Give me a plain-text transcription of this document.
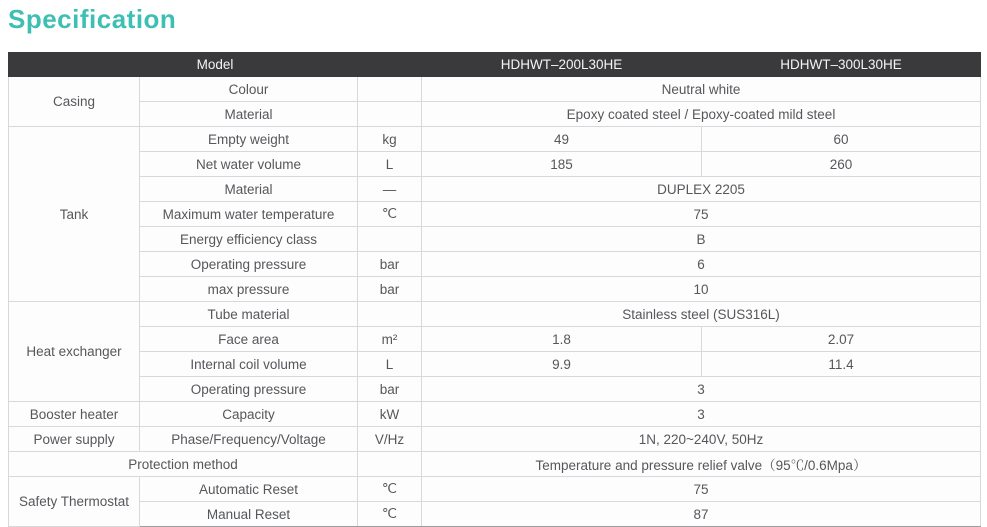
Specification
Model			HDHWT–200L30HE	HDHWT–300L30HE
Casing	Colour		Neutral white	
	Material		Epoxy coated steel / Epoxy-coated mild steel	
Tank	Empty weight	kg	49	60
	Net water volume	L	185	260
	Material	—	DUPLEX 2205	
	Maximum water temperature	℃	75	
	Energy efficiency class		B	
	Operating pressure	bar	6	
	max pressure	bar	10	
Heat exchanger	Tube material		Stainless steel (SUS316L)	
	Face area	m²	1.8	2.07
	Internal coil volume	L	9.9	11.4
	Operating pressure	bar	3	
Booster heater	Capacity	kW	3	
Power supply	Phase/Frequency/Voltage	V/Hz	1N, 220~240V, 50Hz	
Protection method			Temperature and pressure relief valve（95℃/0.6Mpa）	
Safety Thermostat	Automatic Reset	℃	75	
	Manual Reset	℃	87	
